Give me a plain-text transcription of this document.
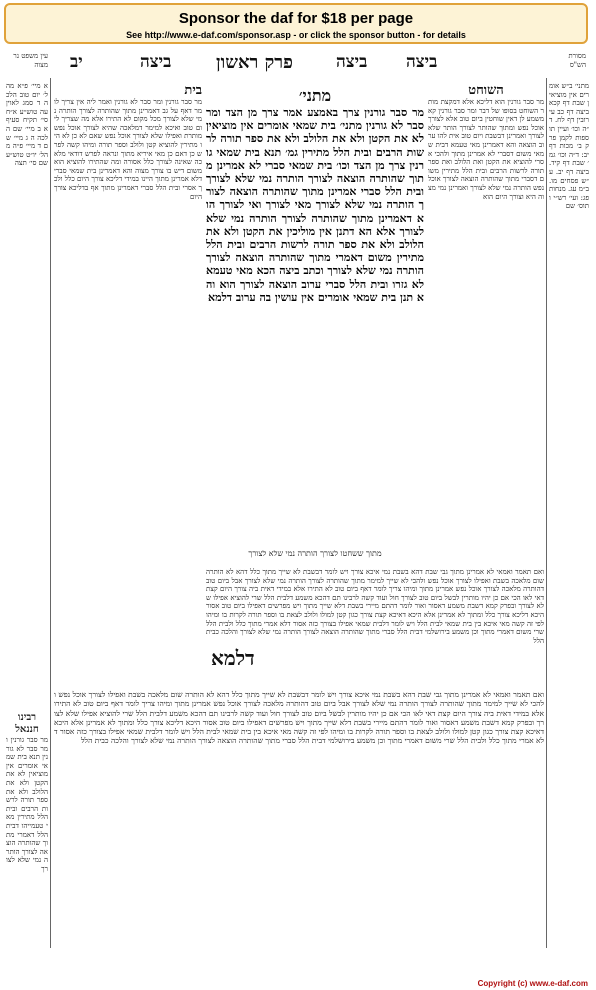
Sponsor the daf for $18 per page
See http://www.e-daf.com/sponsor.asp - or click the sponsor button - for details
עין משפט נר מצוה יב	ביצה פרק ראשון	ביצה ביצה	מסורת הש"ס
א מיי׳ פ״א מהל׳ יום טוב הלכה ד סמג לאוין עה טוש״ע א״ח סי׳ תקיח סעיף א ב מיי׳ שם הלכה ה ג מיי׳ שם ד מיי׳ פ״ה מהל׳ יו״ט טוש״ע שם סי׳ תצה
רבינו חננאל
מר סבר גורנין ומר סבר לא גורנין תנא בית שמאי אומרים אין מוציאין לא את הקטן ולא את הלולב ולא את ספר תורה לרשות הרבים ובית הלל מתירין מאי טעמייהו דבית הלל דאמרי מתוך שהותרה הוצאה לצורך הותרה נמי שלא לצורך
מתני׳ ב״ש אומרים אין מוציאין שבת דף קכא ביצה דף כב עירובין דף לח. ד״ה וכו׳ ועיין תוספות לקמן פרק ב׳ מכות דף יב: ד״ה וכו׳ גמ׳ שבת דף קיד. ביצה דף יב. ע״ש פסחים מו. ב״מ עג. מנחות פג: ועי׳ רש״י ותוס׳ שם
בית
מר סבר גורנין ומר סבר לא גורנין ואמר ליה אין צריך לומר דאף על גב דאמרינן מתוך שהותרה לצורך הותרה נמי שלא לצורך מכל מקום לא התירו אלא מה שצריך ליום טוב ואיכא למימר דמלאכה שהיא לצורך אוכל נפש מותרת ואפילו שלא לצורך אוכל נפש שאם לא כן לא היו מתירין להוציא קטן ולולב וספר תורה ומיהו קשה לפרש כן דאם כן מאי איריא מתוך ונראה לפרש דודאי מלאכה שאינה לצורך כלל אסורה ומה שהתירו להוציא הוא משום דיש בו צורך מצוה והא דאמרינן בית שמאי סברי דלא אמרינן מתוך היינו במידי דליכא צורך היום כלל ולכך אסרי ובית הלל סברי דאמרינן מתוך אף בדליכא צורך היום
מתני׳
מר סבר גורנין צרך באמצע אמר צרך מן הצד ומר סבר לא גורנין מתני׳ בית שמאי אומרים אין מוציאין לא את הקטן ולא את הלולב ולא את ספר תורה לרשות הרבים ובית הלל מתירין גמ׳ תנא בית שמאי גורנין צרך מן הצד וכו׳ בית שמאי סברי לא אמרינן מתוך שהותרה הוצאה לצורך הותרה נמי שלא לצורך ובית הלל סברי אמרינן מתוך שהותרה הוצאה לצורך הותרה נמי שלא לצורך מאי לצורך ואי לצורך הוא דאמרינן מתוך שהותרה לצורך הותרה נמי שלא לצורך אלא הא דתנן אין מוליכין את הקטן ולא את הלולב ולא את ספר תורה לרשות הרבים ובית הלל מתירין משום דאמרי מתוך שהותרה הוצאה לצורך הותרה נמי שלא לצורך וכתב ביצה הכא מאי טעמא לא גזרו ובית הלל סברי ערוב הוצאה לצורך הוא והא תנן בית שמאי אומרים אין עושין בה ערוב דלמא
דלמא
מתוך ששחטו לצורך הותרה נמי שלא לצורך
השוחט
מר סבר גורנין הוא דליכא אלא דמקצת מותר השוחט בסופו של דבר ומר סבר גורנין קא משמע לן דאין שוחטין ביום טוב אלא לצורך אוכל נפש ומתוך שהותר לצורך הותר שלא לצורך ואמרינן דבשבת ויום טוב אית להו ערוב הוצאה והא דאמרינן מאי טעמא דבית שמאי משום דסברי לא אמרינן מתוך ולהכי אסרי להוציא את הקטן ואת הלולב ואת ספר תורה לרשות הרבים ובית הלל מתירין משום דסברי מתוך שהותרה הוצאה לצורך אוכל נפש הותרה נמי שלא לצורך ואמרינן נמי מצוה היא וצורך היום הוא
ואם תאמר ואמאי לא אמרינן מתוך גבי שבת דהא בשבת נמי איכא צורך ויש לומר דבשבת לא שייך מתוך כלל דהא לא הותרה שום מלאכה בשבת ואפילו לצורך אוכל נפש ולהכי לא שייך למימר מתוך שהותרה לצורך הותרה נמי שלא לצורך אבל ביום טוב דהותרה מלאכה לצורך אוכל נפש אמרינן מתוך ומיהו צריך לומר דאף ביום טוב לא התירו אלא במידי דאית ביה צורך היום קצת דאי לאו הכי אם כן יהיו מותרין לבשל ביום טוב לצורך חול ועוד קשה לרבינו תם דהכא משמע דלבית הלל שרי להוציא אפילו שלא לצורך ובפרק קמא דשבת משמע דאסור ואור לומר דהתם מיירי בשבת דלא שייך מתוך ויש מפרשים דאפילו ביום טוב אסור היכא דליכא צורך כלל ומתוך לא אמרינן אלא היכא דאיכא קצת צורך כגון קטן למולו ולולב לצאת בו וספר תורה לקרות בו ומיהו לפי זה קשה מאי איכא בין בית שמאי לבית הלל ויש לומר דלבית שמאי אפילו בצורך כזה אסור דלא אמרי מתוך כלל ולבית הלל שרי משום דאמרי מתוך וכן משמע בירושלמי דבית הלל סברי מתוך שהותרה הוצאה לצורך הותרה נמי שלא לצורך והלכה כבית הלל
ואם תאמר ואמאי לא אמרינן מתוך גבי שבת דהא בשבת נמי איכא צורך ויש לומר דבשבת לא שייך מתוך כלל דהא לא הותרה שום מלאכה בשבת ואפילו לצורך אוכל נפש ולהכי לא שייך למימר מתוך שהותרה לצורך הותרה נמי שלא לצורך אבל ביום טוב דהותרה מלאכה לצורך אוכל נפש אמרינן מתוך ומיהו צריך לומר דאף ביום טוב לא התירו אלא במידי דאית ביה צורך היום קצת דאי לאו הכי אם כן יהיו מותרין לבשל ביום טוב לצורך חול ועוד קשה לרבינו תם דהכא משמע דלבית הלל שרי להוציא אפילו שלא לצורך ובפרק קמא דשבת משמע דאסור ואור לומר דהתם מיירי בשבת דלא שייך מתוך ויש מפרשים דאפילו ביום טוב אסור היכא דליכא צורך כלל ומתוך לא אמרינן אלא היכא דאיכא קצת צורך כגון קטן למולו ולולב לצאת בו וספר תורה לקרות בו ומיהו לפי זה קשה מאי איכא בין בית שמאי לבית הלל ויש לומר דלבית שמאי אפילו בצורך כזה אסור דלא אמרי מתוך כלל ולבית הלל שרי משום דאמרי מתוך וכן משמע בירושלמי דבית הלל סברי מתוך שהותרה הוצאה לצורך הותרה נמי שלא לצורך והלכה כבית הלל
Copyright (c) www.e-daf.com
